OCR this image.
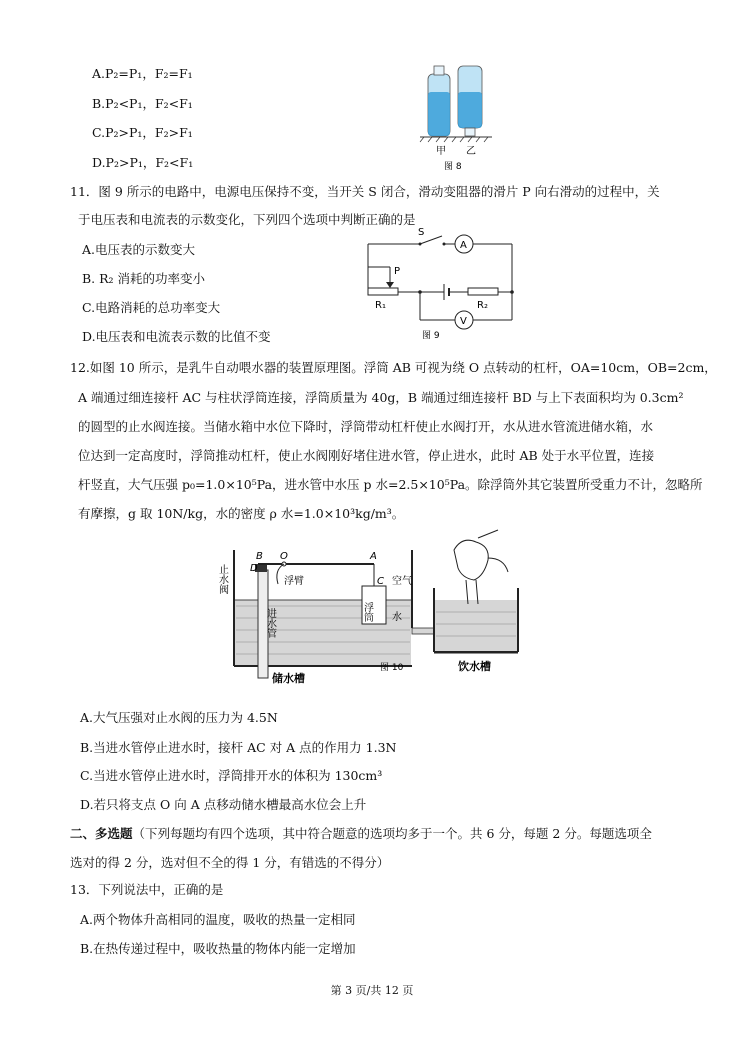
A.P₂=P₁，F₂=F₁
B.P₂<P₁，F₂<F₁
C.P₂>P₁，F₂>F₁
D.P₂>P₁，F₂<F₁
甲 乙
图 8
11．图 9 所示的电路中，电源电压保持不变，当开关 S 闭合，滑动变阻器的滑片 P 向右滑动的过程中，关
于电压表和电流表的示数变化，下列四个选项中判断正确的是
A.电压表的示数变大
B. R₂ 消耗的功率变小
C.电路消耗的总功率变大
D.电压表和电流表示数的比值不变
A
S
P
R₁	R₂
V
图 9
12.如图 10 所示，是乳牛自动喂水器的装置原理图。浮筒 AB 可视为绕 O 点转动的杠杆，OA=10cm，OB=2cm，
A 端通过细连接杆 AC 与柱状浮筒连接，浮筒质量为 40g，B 端通过细连接杆 BD 与上下表面积均为 0.3cm²
的圆型的止水阀连接。当储水箱中水位下降时，浮筒带动杠杆使止水阀打开，水从进水管流进储水箱，水
位达到一定高度时，浮筒推动杠杆，使止水阀刚好堵住进水管，停止进水，此时 AB 处于水平位置，连接
杆竖直，大气压强 p₀=1.0×10⁵Pa，进水管中水压 p 水=2.5×10⁵Pa。除浮筒外其它装置所受重力不计，忽略所
有摩擦，g 取 10N/kg，水的密度 ρ 水=1.0×10³kg/m³。
进水管
浮臂
B O	A
D
浮筒
C 空气
水
止水阀
储水槽
饮水槽
图 10
A.大气压强对止水阀的压力为 4.5N
B.当进水管停止进水时，接杆 AC 对 A 点的作用力 1.3N
C.当进水管停止进水时，浮筒排开水的体积为 130cm³
D.若只将支点 O 向 A 点移动储水槽最高水位会上升
二、多选题（下列每题均有四个选项，其中符合题意的选项均多于一个。共 6 分，每题 2 分。每题选项全
选对的得 2 分，选对但不全的得 1 分，有错选的不得分）
13．下列说法中，正确的是
A.两个物体升高相同的温度，吸收的热量一定相同
B.在热传递过程中，吸收热量的物体内能一定增加
第 3 页/共 12 页
